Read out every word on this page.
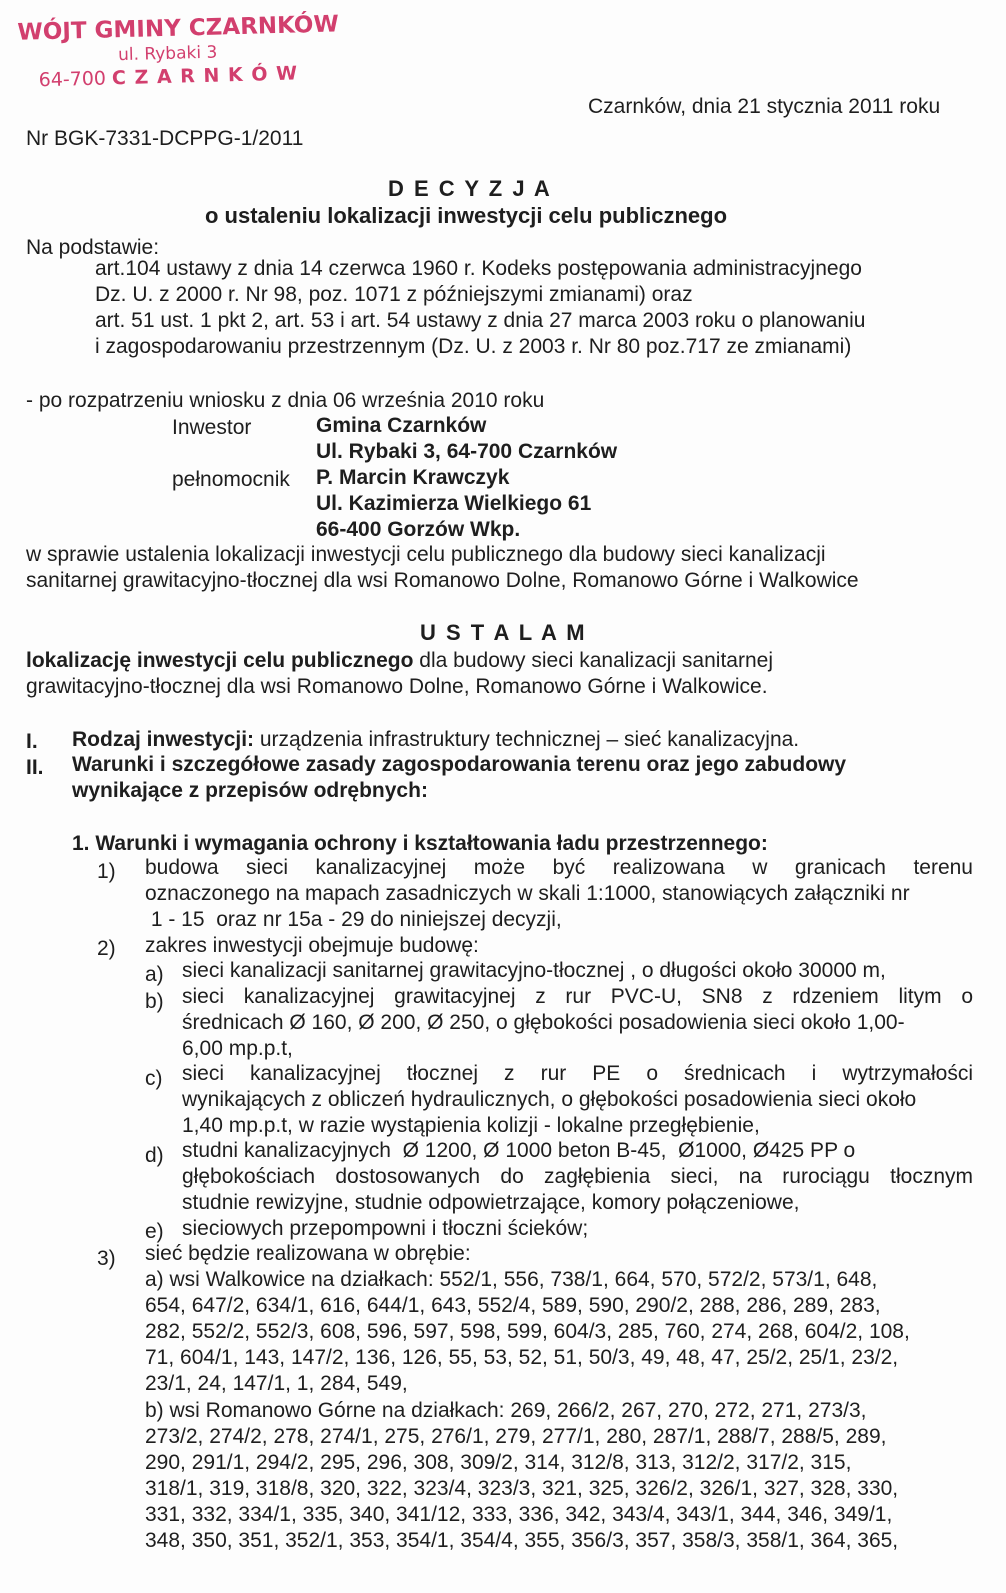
WÓJT GMINY CZARNKÓW
ul. Rybaki 3
64-700 C Z A R N K Ó W
Czarnków, dnia 21 stycznia 2011 roku
Nr BGK-7331-DCPPG-1/2011
D E C Y Z J A
o ustaleniu lokalizacji inwestycji celu publicznego
Na podstawie:
art.104 ustawy z dnia 14 czerwca 1960 r. Kodeks postępowania administracyjnego
Dz. U. z 2000 r. Nr 98, poz. 1071 z późniejszymi zmianami) oraz
art. 51 ust. 1 pkt 2, art. 53 i art. 54 ustawy z dnia 27 marca 2003 roku o planowaniu
i zagospodarowaniu przestrzennym (Dz. U. z 2003 r. Nr 80 poz.717 ze zmianami)
- po rozpatrzeniu wniosku z dnia 06 września 2010 roku
Inwestor	Gmina Czarnków
Ul. Rybaki 3, 64-700 Czarnków
pełnomocnik P. Marcin Krawczyk
Ul. Kazimierza Wielkiego 61
66-400 Gorzów Wkp.
w sprawie ustalenia lokalizacji inwestycji celu publicznego dla budowy sieci kanalizacji
sanitarnej grawitacyjno-tłocznej dla wsi Romanowo Dolne, Romanowo Górne i Walkowice
U S T A L A M
lokalizację inwestycji celu publicznego dla budowy sieci kanalizacji sanitarnej
grawitacyjno-tłocznej dla wsi Romanowo Dolne, Romanowo Górne i Walkowice.
I. Rodzaj inwestycji: urządzenia infrastruktury technicznej – sieć kanalizacyjna.
II. Warunki i szczegółowe zasady zagospodarowania terenu oraz jego zabudowy
wynikające z przepisów odrębnych:
1. Warunki i wymagania ochrony i kształtowania ładu przestrzennego:
1) budowa sieci kanalizacyjnej może być realizowana w granicach terenu
oznaczonego na mapach zasadniczych w skali 1:1000, stanowiących załączniki nr
1 - 15  oraz nr 15a - 29 do niniejszej decyzji,
2) zakres inwestycji obejmuje budowę:
a) sieci kanalizacji sanitarnej grawitacyjno-tłocznej , o długości około 30000 m,
b) sieci kanalizacyjnej grawitacyjnej z rur PVC-U, SN8 z rdzeniem litym o
średnicach Ø 160, Ø 200, Ø 250, o głębokości posadowienia sieci około 1,00-
6,00 mp.p.t,
c) sieci kanalizacyjnej tłocznej z rur PE o średnicach i wytrzymałości
wynikających z obliczeń hydraulicznych, o głębokości posadowienia sieci około
1,40 mp.p.t, w razie wystąpienia kolizji - lokalne przegłębienie,
d) studni kanalizacyjnych  Ø 1200, Ø 1000 beton B-45,  Ø1000, Ø425 PP o
głębokościach dostosowanych do zagłębienia sieci, na rurociągu tłocznym
studnie rewizyjne, studnie odpowietrzające, komory połączeniowe,
e) sieciowych przepompowni i tłoczni ścieków;
3) sieć będzie realizowana w obrębie:
a) wsi Walkowice na działkach: 552/1, 556, 738/1, 664, 570, 572/2, 573/1, 648,
654, 647/2, 634/1, 616, 644/1, 643, 552/4, 589, 590, 290/2, 288, 286, 289, 283,
282, 552/2, 552/3, 608, 596, 597, 598, 599, 604/3, 285, 760, 274, 268, 604/2, 108,
71, 604/1, 143, 147/2, 136, 126, 55, 53, 52, 51, 50/3, 49, 48, 47, 25/2, 25/1, 23/2,
23/1, 24, 147/1, 1, 284, 549,
b) wsi Romanowo Górne na działkach: 269, 266/2, 267, 270, 272, 271, 273/3,
273/2, 274/2, 278, 274/1, 275, 276/1, 279, 277/1, 280, 287/1, 288/7, 288/5, 289,
290, 291/1, 294/2, 295, 296, 308, 309/2, 314, 312/8, 313, 312/2, 317/2, 315,
318/1, 319, 318/8, 320, 322, 323/4, 323/3, 321, 325, 326/2, 326/1, 327, 328, 330,
331, 332, 334/1, 335, 340, 341/12, 333, 336, 342, 343/4, 343/1, 344, 346, 349/1,
348, 350, 351, 352/1, 353, 354/1, 354/4, 355, 356/3, 357, 358/3, 358/1, 364, 365,
